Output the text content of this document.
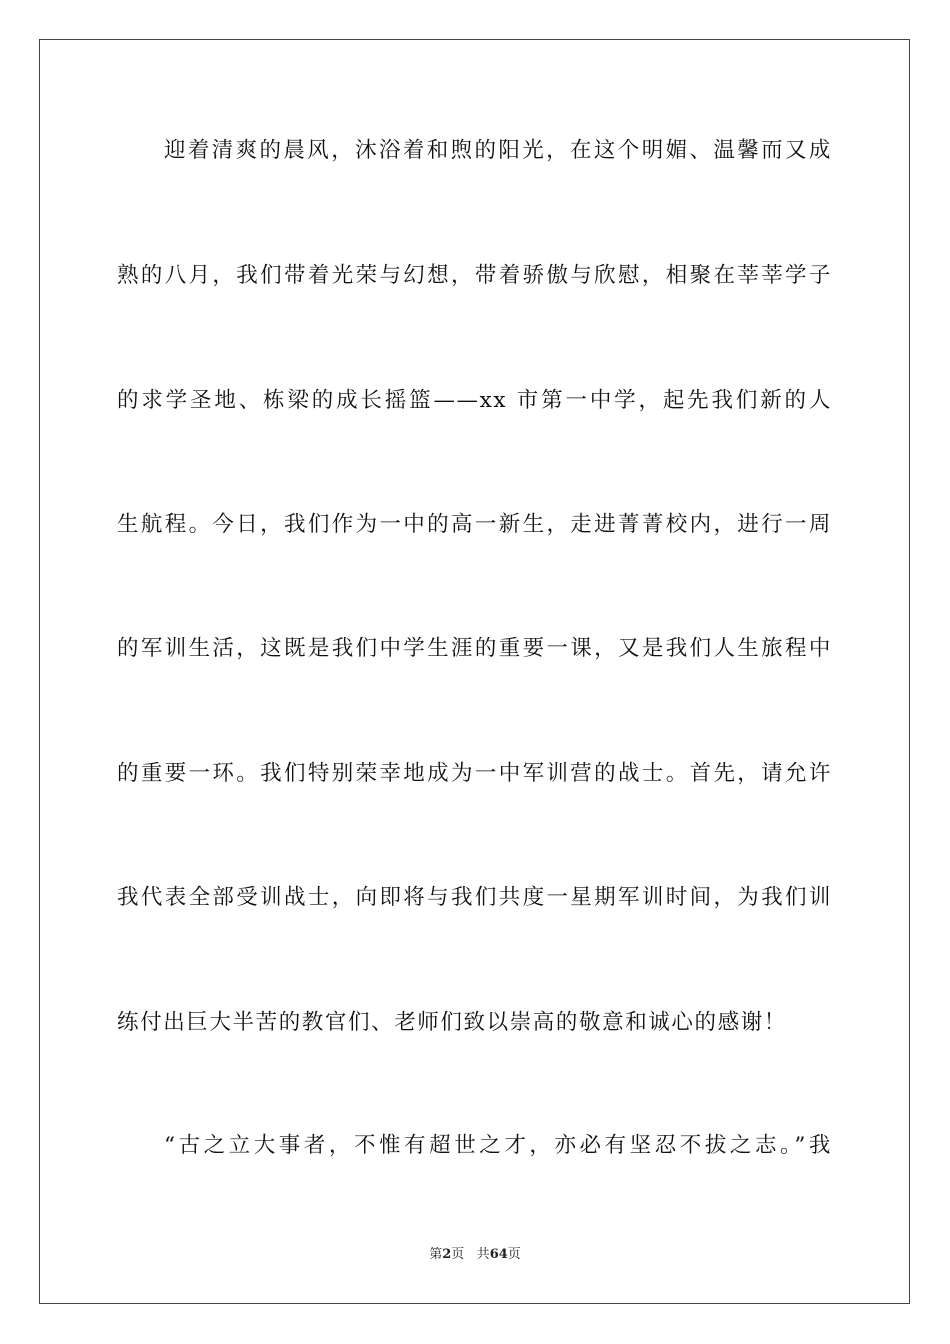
迎着清爽的晨风，沐浴着和煦的阳光，在这个明媚、温馨而又成
熟的八月，我们带着光荣与幻想，带着骄傲与欣慰，相聚在莘莘学子
的求学圣地、栋梁的成长摇篮——xx 市第一中学，起先我们新的人
生航程。今日，我们作为一中的高一新生，走进菁菁校内，进行一周
的军训生活，这既是我们中学生涯的重要一课，又是我们人生旅程中
的重要一环。我们特别荣幸地成为一中军训营的战士。首先，请允许
我代表全部受训战士，向即将与我们共度一星期军训时间，为我们训
练付出巨大半苦的教官们、老师们致以崇高的敬意和诚心的感谢！
“古之立大事者，不惟有超世之才，亦必有坚忍不拔之志。”我
第2页 共64页
